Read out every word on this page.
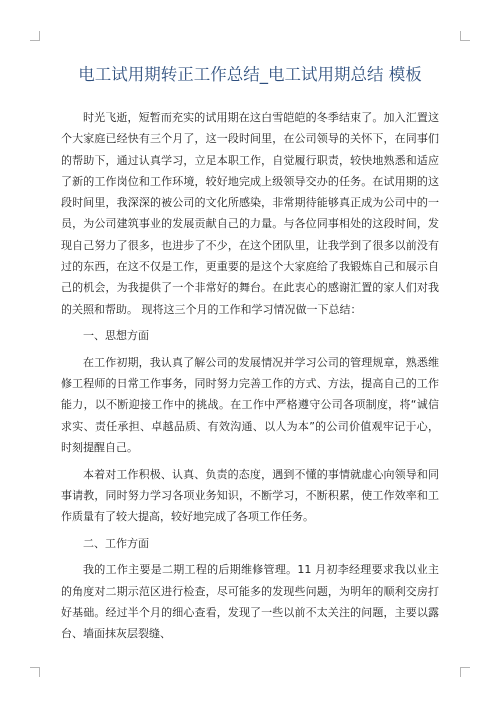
电工试用期转正工作总结_电工试用期总结 模板

时光飞逝，短暂而充实的试用期在这白雪皑皑的冬季结束了。加入汇置这个大家庭已经快有三个月了，这一段时间里，在公司领导的关怀下，在同事们的帮助下，通过认真学习，立足本职工作，自觉履行职责，较快地熟悉和适应了新的工作岗位和工作环境，较好地完成上级领导交办的任务。在试用期的这段时间里，我深深的被公司的文化所感染，非常期待能够真正成为公司中的一员，为公司建筑事业的发展贡献自己的力量。与各位同事相处的这段时间，发现自己努力了很多，也进步了不少，在这个团队里，让我学到了很多以前没有过的东西，在这不仅是工作，更重要的是这个大家庭给了我锻炼自己和展示自己的机会，为我提供了一个非常好的舞台。在此衷心的感谢汇置的家人们对我的关照和帮助。 现将这三个月的工作和学习情况做一下总结：

一、思想方面

在工作初期，我认真了解公司的发展情况并学习公司的管理规章，熟悉维修工程师的日常工作事务，同时努力完善工作的方式、方法，提高自己的工作能力，以不断迎接工作中的挑战。在工作中严格遵守公司各项制度，将“诚信求实、责任承担、卓越品质、有效沟通、以人为本”的公司价值观牢记于心，时刻提醒自己。

本着对工作积极、认真、负责的态度，遇到不懂的事情就虚心向领导和同事请教，同时努力学习各项业务知识，不断学习，不断积累，使工作效率和工作质量有了较大提高，较好地完成了各项工作任务。

二、工作方面

我的工作主要是二期工程的后期维修管理。11 月初李经理要求我以业主的角度对二期示范区进行检查，尽可能多的发现些问题，为明年的顺利交房打好基础。经过半个月的细心查看，发现了一些以前不太关注的问题，主要以露台、墙面抹灰层裂缝、
